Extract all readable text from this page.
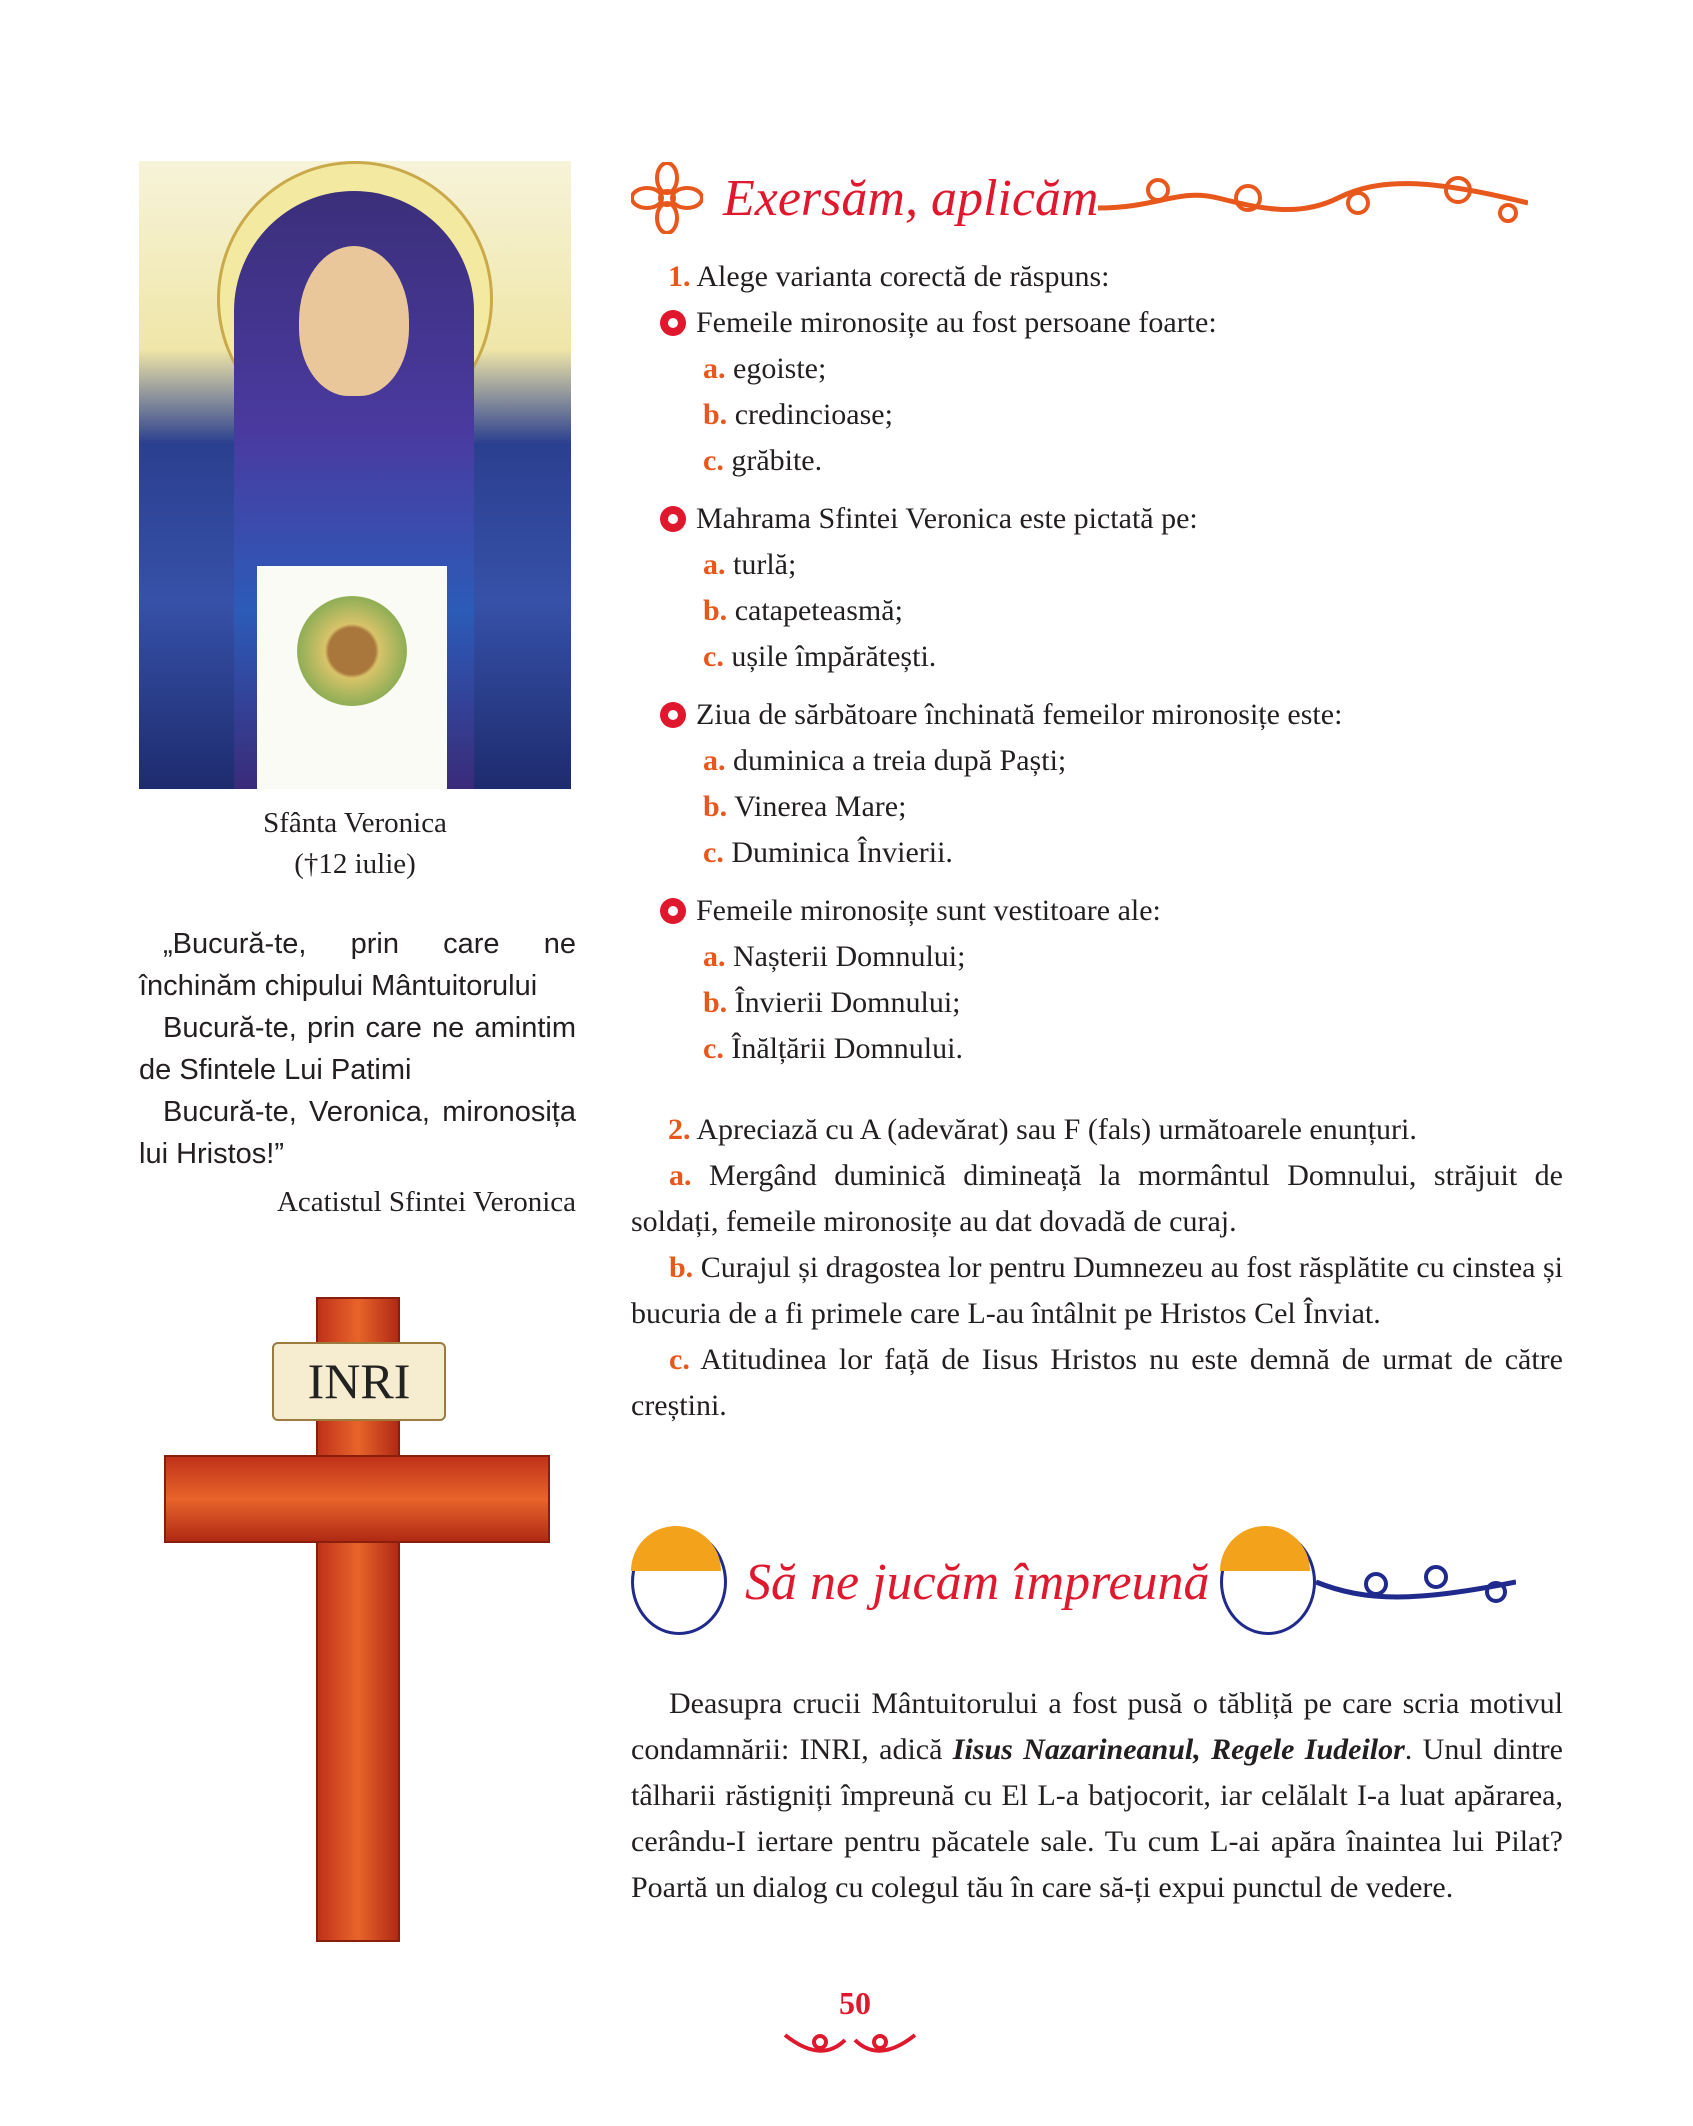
Sfânta Veronica
(†12 iulie)

„Bucură-te, prin care ne închinăm chipului Mântuitorului

Bucură-te, prin care ne amintim de Sfintele Lui Patimi

Bucură-te, Veronica, mironosița lui Hristos!”

Acatistul Sfintei Veronica
INRI
Exersăm, aplicăm
1. Alege varianta corectă de răspuns:
Femeile mironosițe au fost persoane foarte:
a. egoiste;
b. credincioase;
c. grăbite.
Mahrama Sfintei Veronica este pictată pe:
a. turlă;
b. catapeteasmă;
c. ușile împărătești.
Ziua de sărbătoare închinată femeilor mironosițe este:
a. duminica a treia după Paști;
b. Vinerea Mare;
c. Duminica Învierii.
Femeile mironosițe sunt vestitoare ale:
a. Nașterii Domnului;
b. Învierii Domnului;
c. Înălțării Domnului.
2. Apreciază cu A (adevărat) sau F (fals) următoarele enunțuri.

a. Mergând duminică dimineață la mormântul Domnului, străjuit de soldați, femeile mironosițe au dat dovadă de curaj.

b. Curajul și dragostea lor pentru Dumnezeu au fost răsplătite cu cinstea și bucuria de a fi primele care L-au întâlnit pe Hristos Cel Înviat.

c. Atitudinea lor față de Iisus Hristos nu este demnă de urmat de către creștini.

Să ne jucăm împreună

Deasupra crucii Mântuitorului a fost pusă o tăbliță pe care scria motivul condamnării: INRI, adică Iisus Nazarineanul, Regele Iudeilor. Unul dintre tâlharii răstigniți împreună cu El L-a batjocorit, iar celălalt I-a luat apărarea, cerându-I iertare pentru păcatele sale. Tu cum L-ai apăra înaintea lui Pilat? Poartă un dialog cu colegul tău în care să-ți expui punctul de vedere.

50
